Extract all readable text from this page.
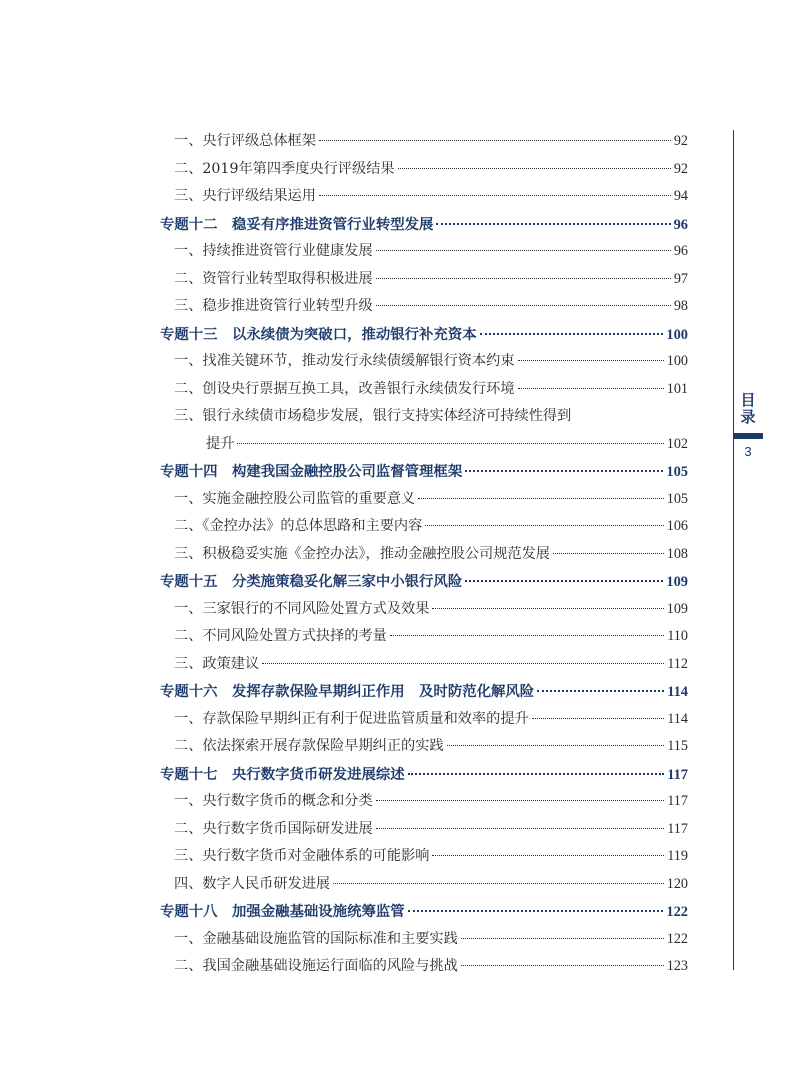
一、央行评级总体框架	92
二、2019年第四季度央行评级结果	92
三、央行评级结果运用	94
专题十二　稳妥有序推进资管行业转型发展	96
一、持续推进资管行业健康发展	96
二、资管行业转型取得积极进展	97
三、稳步推进资管行业转型升级	98
专题十三　以永续债为突破口，推动银行补充资本	100
一、找准关键环节，推动发行永续债缓解银行资本约束	100
二、创设央行票据互换工具，改善银行永续债发行环境	101
三、银行永续债市场稳步发展，银行支持实体经济可持续性得到
提升	102
专题十四　构建我国金融控股公司监督管理框架	105
一、实施金融控股公司监管的重要意义	105
二、《金控办法》的总体思路和主要内容	106
三、积极稳妥实施《金控办法》，推动金融控股公司规范发展	108
专题十五　分类施策稳妥化解三家中小银行风险	109
一、三家银行的不同风险处置方式及效果	109
二、不同风险处置方式抉择的考量	110
三、政策建议	112
专题十六　发挥存款保险早期纠正作用　及时防范化解风险	114
一、存款保险早期纠正有利于促进监管质量和效率的提升	114
二、依法探索开展存款保险早期纠正的实践	115
专题十七　央行数字货币研发进展综述	117
一、央行数字货币的概念和分类	117
二、央行数字货币国际研发进展	117
三、央行数字货币对金融体系的可能影响	119
四、数字人民币研发进展	120
专题十八　加强金融基础设施统筹监管	122
一、金融基础设施监管的国际标准和主要实践	122
二、我国金融基础设施运行面临的风险与挑战	123
目
录
3
